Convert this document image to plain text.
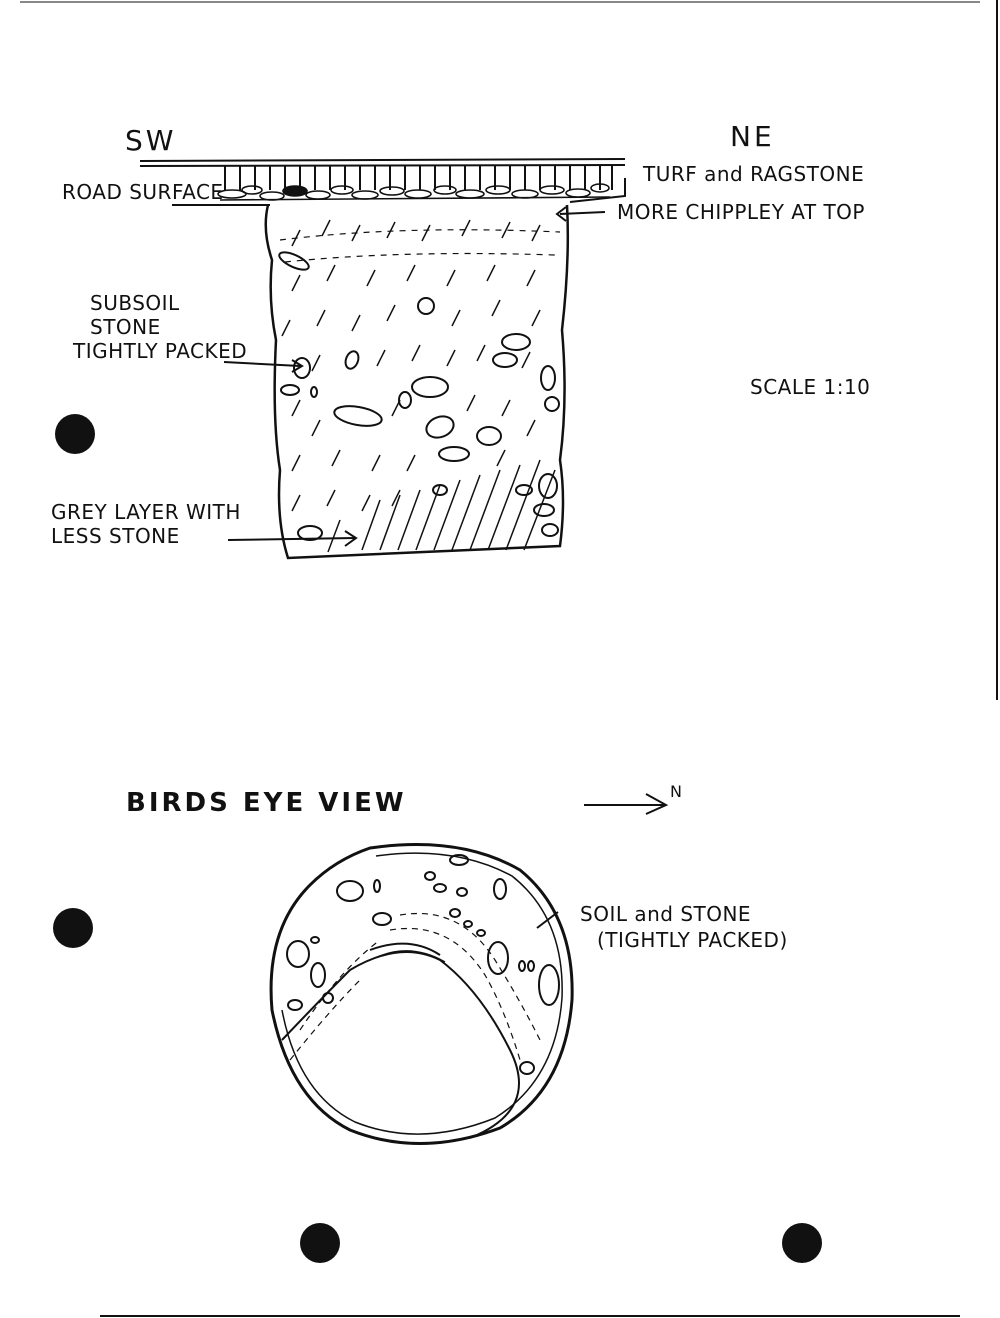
SW	NE
ROAD SURFACE
TURF and RAGSTONE
MORE CHIPPLEY AT TOP
SUBSOIL
STONE
TIGHTLY PACKED
SCALE 1:10
GREY LAYER WITH
LESS STONE
BIRDS EYE VIEW	N
SOIL and STONE
(TIGHTLY PACKED)
